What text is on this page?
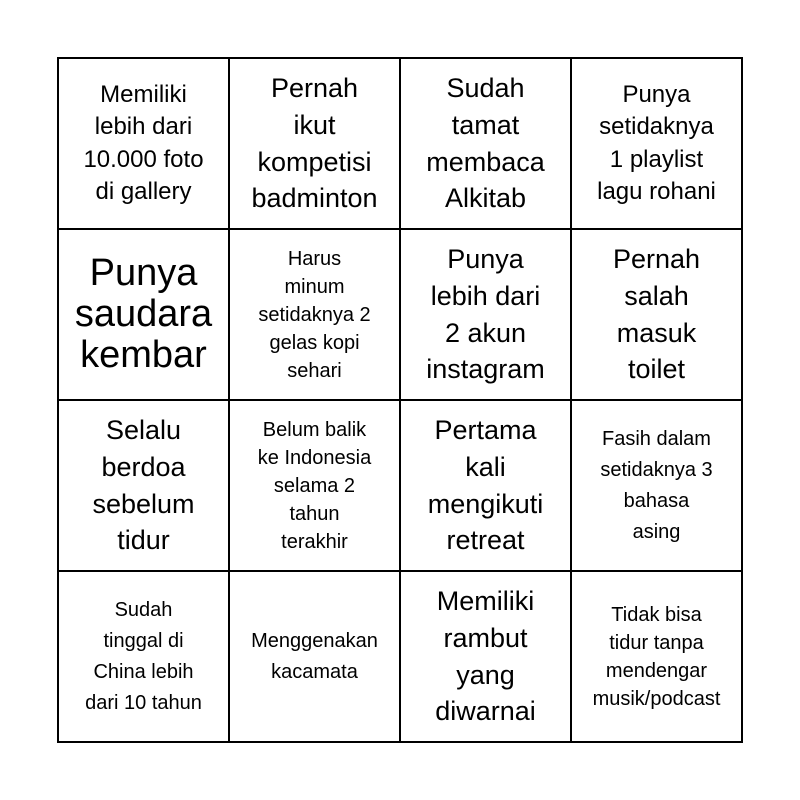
Memiliki
lebih dari
10.000 foto
di gallery
Pernah
ikut
kompetisi
badminton
Sudah
tamat
membaca
Alkitab
Punya
setidaknya
1 playlist
lagu rohani
Punya
saudara
kembar
Harus
minum
setidaknya 2
gelas kopi
sehari
Punya
lebih dari
2 akun
instagram
Pernah
salah
masuk
toilet
Selalu
berdoa
sebelum
tidur
Belum balik
ke Indonesia
selama 2
tahun
terakhir
Pertama
kali
mengikuti
retreat
Fasih dalam
setidaknya 3
bahasa
asing
Sudah
tinggal di
China lebih
dari 10 tahun
Menggenakan
kacamata
Memiliki
rambut
yang
diwarnai
Tidak bisa
tidur tanpa
mendengar
musik/podcast
